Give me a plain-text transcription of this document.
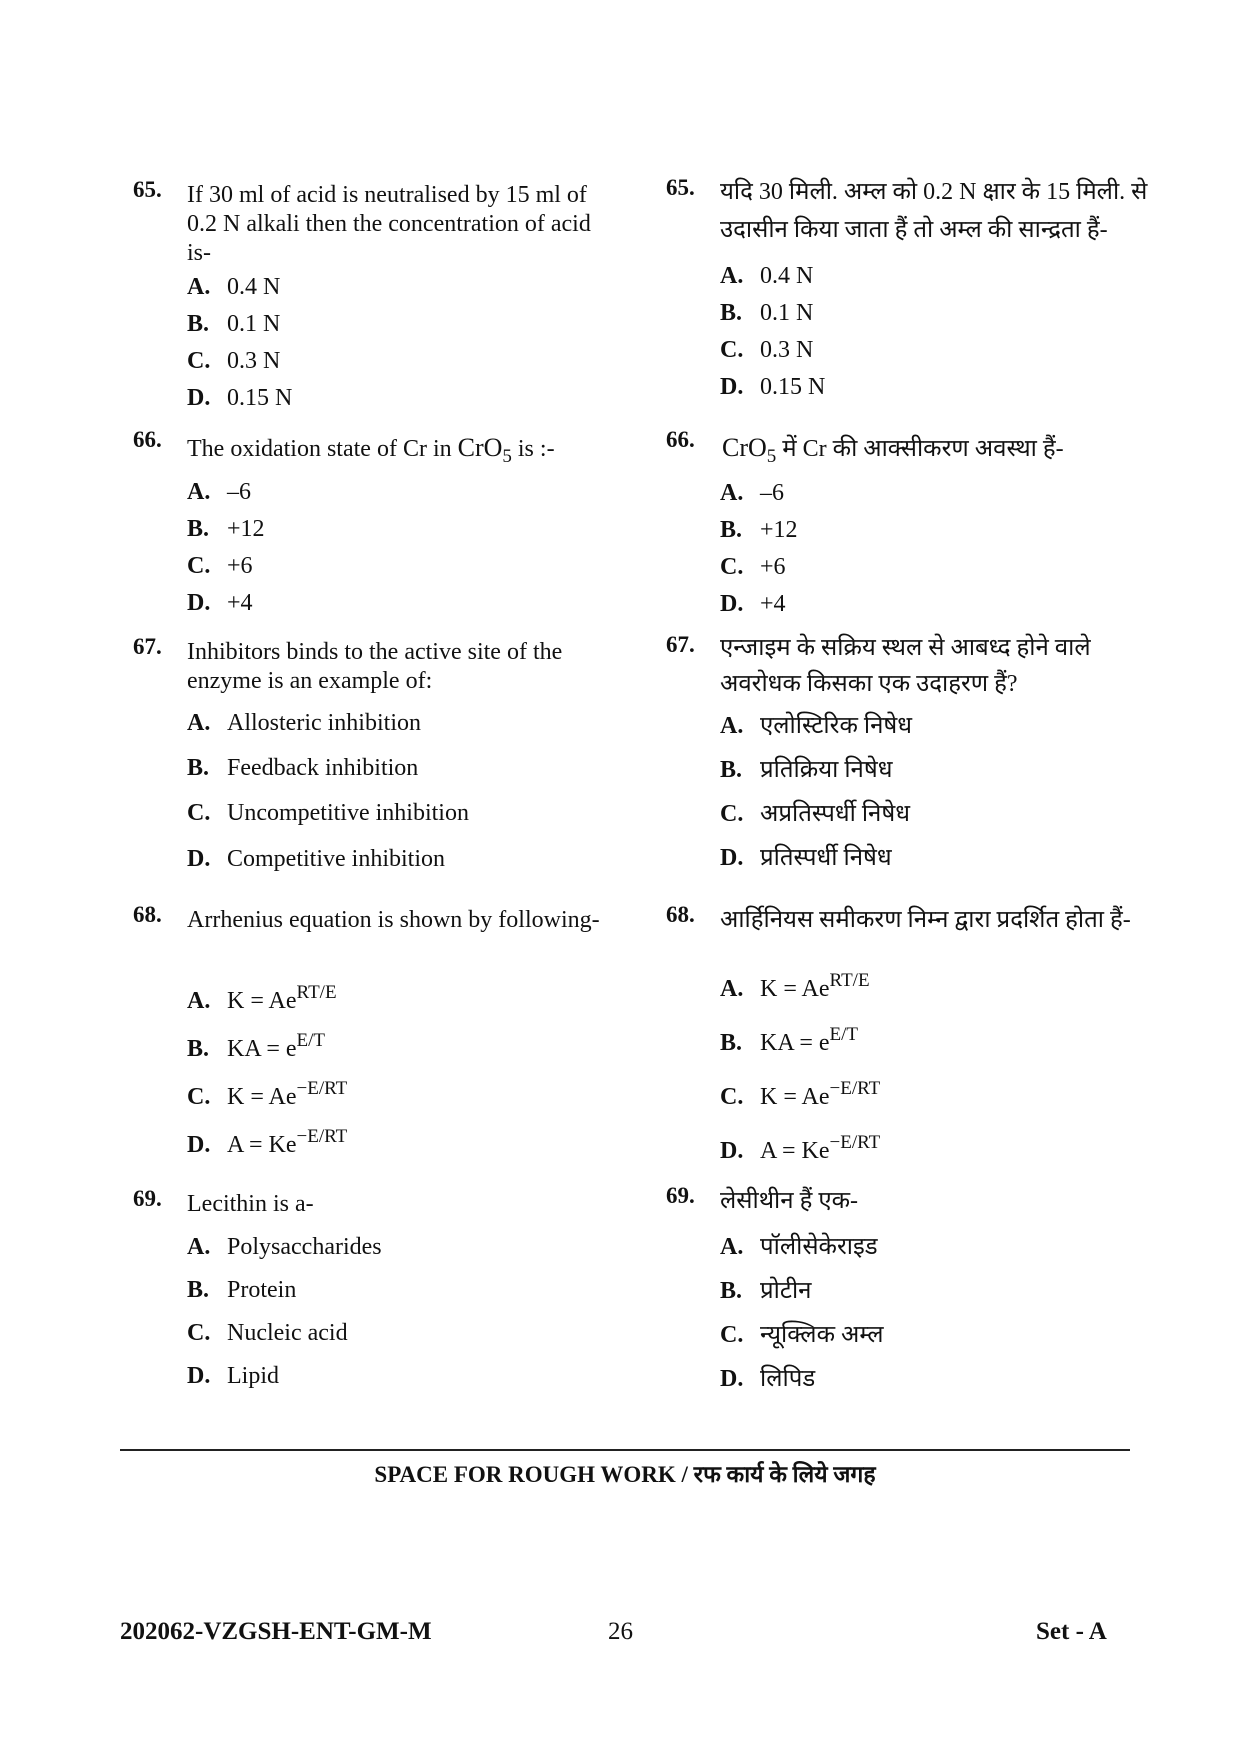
65. If 30 ml of acid is neutralised by 15 ml of 0.2 N alkali then the concentration of acid is-
A. 0.4 N
B. 0.1 N
C. 0.3 N
D. 0.15 N
66. The oxidation state of Cr in CrO$_5$ is :-
A. –6
B. +12
C. +6
D. +4
67. Inhibitors binds to the active site of the enzyme is an example of:
A. Allosteric inhibition
B. Feedback inhibition
C. Uncompetitive inhibition
D. Competitive inhibition
68. Arrhenius equation is shown by following-
A. $K = Ae^{RT/E}$
B. KA = $e^{E/T}$
C. $K = Ae^{-E/RT}$
D. $A = Ke^{-E/RT}$
69. Lecithin is a-
A. Polysaccharides
B. Protein
C. Nucleic acid
D. Lipid
65. यदि 30 मिली. अम्ल को 0.2 N क्षार के 15 मिली. से उदासीन किया जाता हैं तो अम्ल की सान्द्रता हैं-
A. 0.4 N
B. 0.1 N
C. 0.3 N
D. 0.15 N
66. CrO$_5$ में Cr की आक्सीकरण अवस्था हैं-
A. –6
B. +12
C. +6
D. +4
67. एन्जाइम के सक्रिय स्थल से आबध्द होने वाले अवरोधक किसका एक उदाहरण हैं?
A. एलोस्टिरिक निषेध
B. प्रतिक्रिया निषेध
C. अप्रतिस्पर्धी निषेध
D. प्रतिस्पर्धी निषेध
68. आर्हिनियस समीकरण निम्न द्वारा प्रदर्शित होता हैं-
A. $K = Ae^{RT/E}$
B. KA = $e^{E/T}$
C. $K = Ae^{-E/RT}$
D. $A = Ke^{-E/RT}$
69. लेसीथीन हैं एक-
A. पॉलीसेकेराइड
B. प्रोटीन
C. न्यूक्लिक अम्ल
D. लिपिड
SPACE FOR ROUGH WORK / रफ कार्य के लिये जगह
202062-VZGSH-ENT-GM-M	26	Set - A
